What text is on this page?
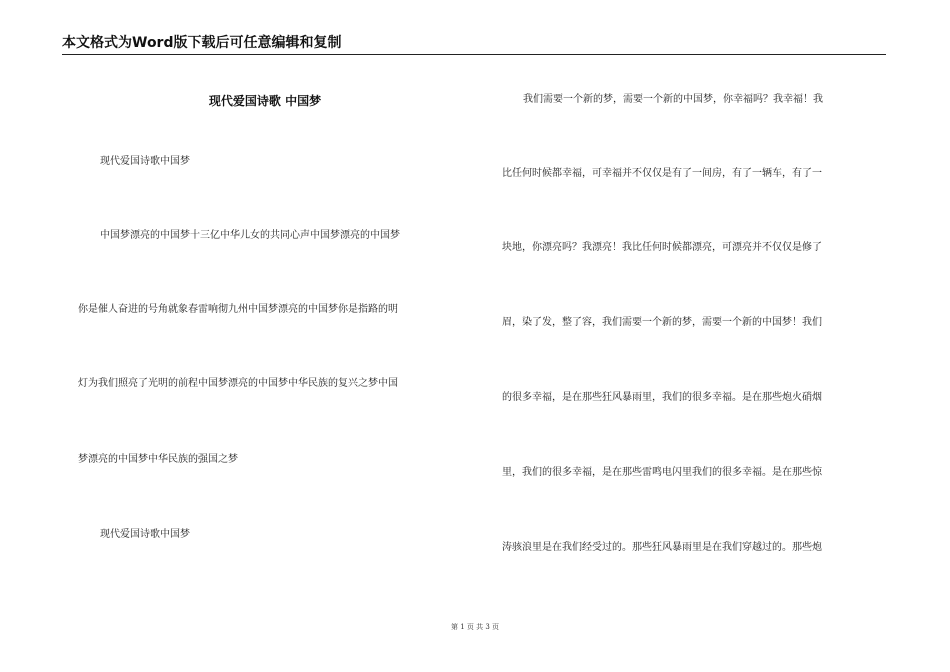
本文格式为Word版下载后可任意编辑和复制
现代爱国诗歌 中国梦
现代爱国诗歌中国梦
中国梦漂亮的中国梦十三亿中华儿女的共同心声中国梦漂亮的中国梦
你是催人奋进的号角就象春雷响彻九州中国梦漂亮的中国梦你是指路的明
灯为我们照亮了光明的前程中国梦漂亮的中国梦中华民族的复兴之梦中国
梦漂亮的中国梦中华民族的强国之梦
现代爱国诗歌中国梦
我们需要一个新的梦，需要一个新的中国梦，你幸福吗？我幸福！我
比任何时候都幸福，可幸福并不仅仅是有了一间房，有了一辆车，有了一
块地，你漂亮吗？我漂亮！我比任何时候都漂亮，可漂亮并不仅仅是修了
眉，染了发，整了容，我们需要一个新的梦，需要一个新的中国梦！我们
的很多幸福，是在那些狂风暴雨里，我们的很多幸福。是在那些炮火硝烟
里，我们的很多幸福，是在那些雷鸣电闪里我们的很多幸福。是在那些惊
涛骇浪里是在我们经受过的。那些狂风暴雨里是在我们穿越过的。那些炮
第 1 页 共 3 页
